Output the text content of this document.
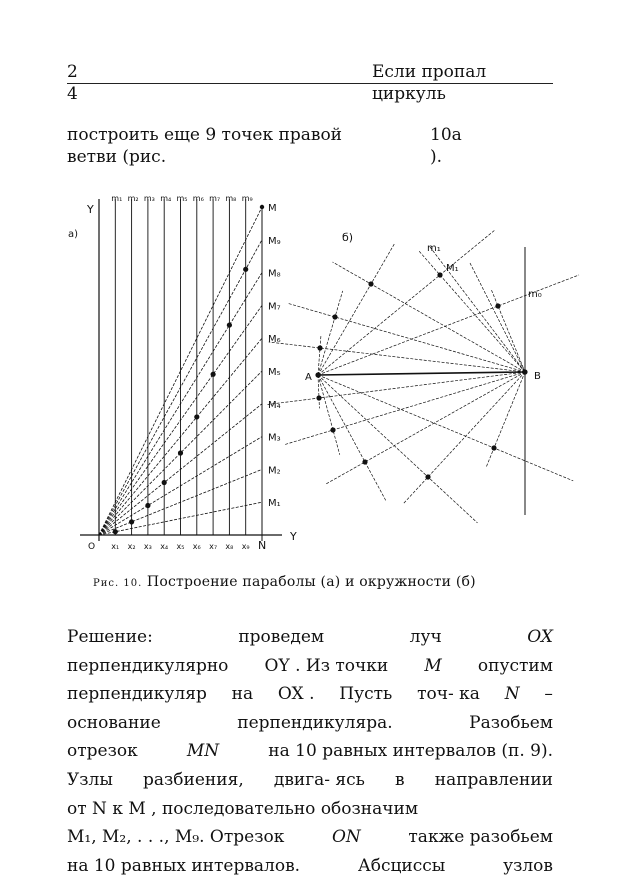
2
4
Если пропал
циркуль
построить еще 9 точек правой
ветви (рис.
10а
).
m₁
x₁
m₂
x₂
m₃
x₃
m₄
x₄
m₅
x₅
m₆
x₆
m₇
x₇
m₈
x₈
m₉
x₉
M
M₉
M₈
M₇
M₆
M₅
M₄
M₃
M₂
M₁
а)
Y
O	N
Y
б)
A	B
m₀
m₁
M₁
Рис. 10. Построение параболы (а) и окружности (б)
Решение:	проведем	луч	OX
перпендикулярно OY . Из точки M опустим
перпендикуляр на OX . Пусть точ- ка N –
основание	перпендикуляра.	Разобьем
отрезок	MN	на 10 равных интервалов (п. 9).
Узлы разбиения, двига- ясь в направлении
от N к M , последовательно обозначим
M₁, M₂, . . ., M₉. Отрезок	ON	также разобьем
на 10 равных интервалов.	Абсциссы	узлов
